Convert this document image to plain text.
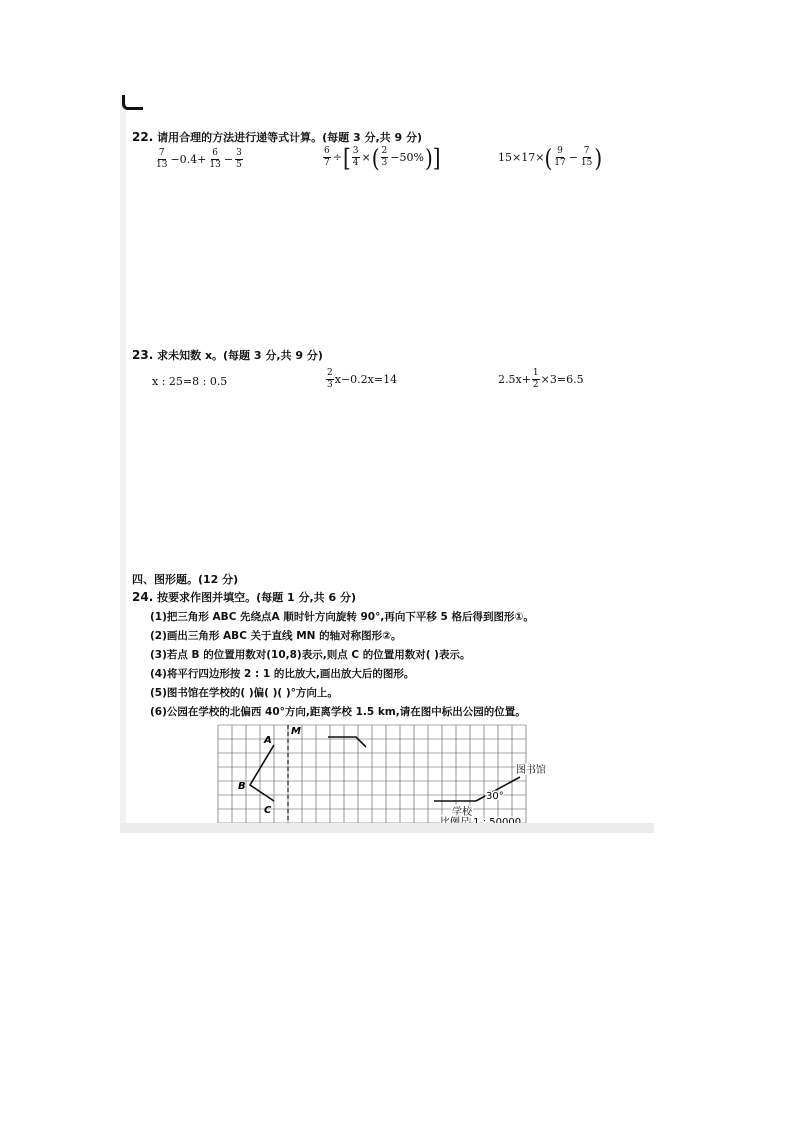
22. 请用合理的方法进行递等式计算。(每题 3 分,共 9 分)
$\frac{7}{13} -0.4+ \frac{6}{13} - \frac{3}{5}$	$\frac{6}{7}$ ÷ [ $\frac{3}{4}$ × ( $\frac{2}{3} -50\%$ ) ]	15×17× ( $\frac{9}{17} - \frac{7}{15}$ )
23. 求未知数 x。(每题 3 分,共 9 分)
x : 25=8 : 0.5	$\frac{2}{3} x-0.2x=14$	$2.5x+ \frac{1}{2} \times 3=6.5$
四、图形题。(12 分)
24. 按要求作图并填空。(每题 1 分,共 6 分)
(1)把三角形 ABC 先绕点A 顺时针方向旋转 90°,再向下平移 5 格后得到图形①。
(2)画出三角形 ABC 关于直线 MN 的轴对称图形②。
(3)若点 B 的位置用数对(10,8)表示,则点 C 的位置用数对( )表示。
(4)将平行四边形按 2 : 1 的比放大,画出放大后的图形。
(5)图书馆在学校的( )偏( )( )°方向上。
(6)公园在学校的北偏西 40°方向,距离学校 1.5 km,请在图中标出公园的位置。
A
B
C
M
图书馆
学校
30°
